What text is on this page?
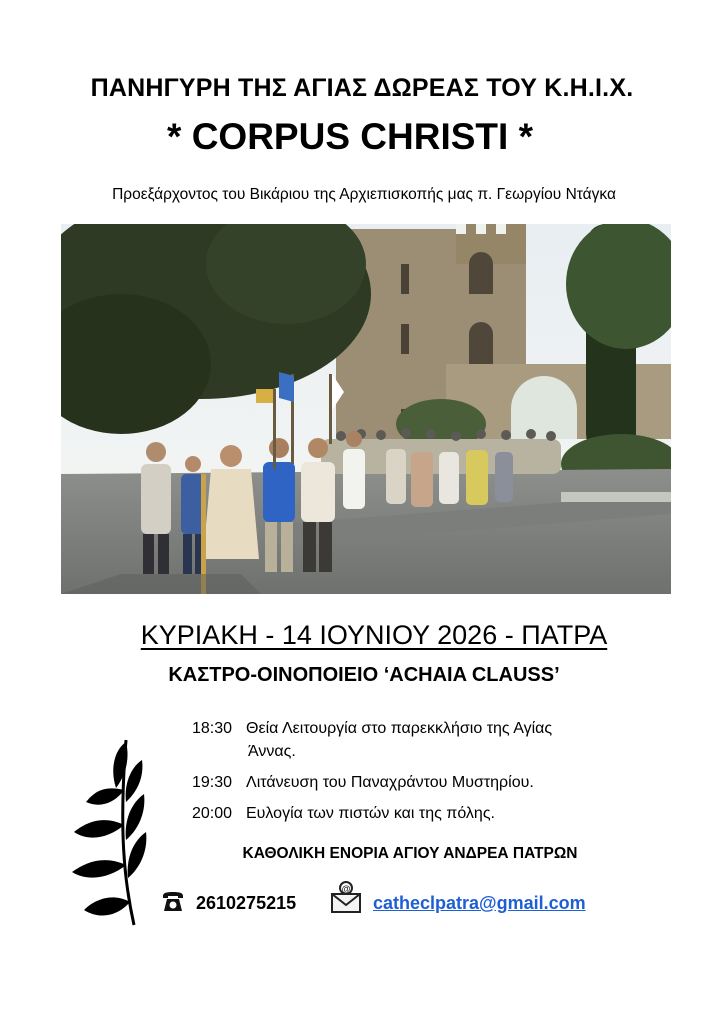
ΠΑΝΗΓΥΡΗ ΤΗΣ ΑΓΙΑΣ ΔΩΡΕΑΣ ΤΟΥ Κ.Η.Ι.Χ.
* CORPUS CHRISTI *
Προεξάρχοντος του Βικάριου της Αρχιεπισκοπής μας π. Γεωργίου Ντάγκα
ΚΥΡΙΑΚΗ - 14 ΙΟΥΝΙΟΥ 2026 - ΠΑΤΡΑ
ΚΑΣΤΡΟ-ΟΙΝΟΠΟΙΕΙΟ ‘ACHAIA CLAUSS’
18:30 Θεία Λειτουργία στο παρεκκλήσιο της Αγίας
Άννας.
19:30 Λιτάνευση του Παναχράντου Μυστηρίου.
20:00 Ευλογία των πιστών και της πόλης.
ΚΑΘΟΛΙΚΗ ΕΝΟΡΙΑ ΑΓΙΟΥ ΑΝΔΡΕΑ ΠΑΤΡΩΝ
2610275215
@
catheclpatra@gmail.com
